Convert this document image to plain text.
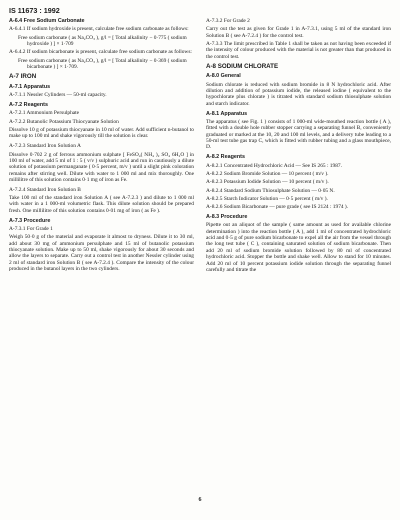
IS 11673 : 1992

A-6.4 Free Sodium Carbonate

A-6.4.1 If sodium hydroxide is present, calculate free sodium carbonate as follows:

Free sodium carbonate ( as Na₂CO₃ ), g/l = [ Total alkalinity − 0·775 ( sodium hydroxide ) ] × 1·709

A-6.4.2 If sodium bicarbonate is present, calculate free sodium carbonate as follows:

Free sodium carbonate ( as Na₂CO₃ ), g/l = [ Total alkalinity − 0·369 ( sodium bicarbonate ) ] × 1·709.

A-7 IRON

A-7.1 Apparatus

A-7.1.1 Nessler Cylinders — 50-ml capacity.

A-7.2 Reagents

A-7.2.1 Ammonium Persulphate

A-7.2.2 Butanolic Potassium Thiocyanate Solution

Dissolve 10 g of potassium thiocyanate in 10 ml of water. Add sufficient n-butanol to make up to 100 ml and shake vigorously till the solution is clear.

A-7.2.3 Standard Iron Solution A

Dissolve 0·702 2 g of ferrous ammonium sulphate [ FeSO₄( NH₄ )₂ SO₄ 6H₂O ] in 100 ml of water, add 5 ml of 1 : 5 ( v/v ) sulphuric acid and run in cautiously a dilute solution of potassium permanganate ( 0·5 percent, m/v ) until a slight pink coloration remains after stirring well. Dilute with water to 1 000 ml and mix thoroughly. One millilitre of this solution contains 0·1 mg of iron as Fe.

A-7.2.4 Standard Iron Solution B

Take 100 ml of the standard iron Solution A ( see A-7.2.3 ) and dilute to 1 000 ml with water in a 1 000-ml volumetric flask. This dilute solution should be prepared fresh. One millilitre of this solution contains 0·01 mg of iron ( as Fe ).

A-7.3 Procedure

A-7.3.1 For Grade 1

Weigh 50·0 g of the material and evaporate it almost to dryness. Dilute it to 30 ml, add about 30 mg of ammonium persulphate and 15 ml of butanolic potassium thiocyanate solution. Make up to 50 ml, shake vigorously for about 30 seconds and allow the layers to separate. Carry out a control test in another Nessler cylinder using 2 ml of standard iron Solution B ( see A-7.2.4 ). Compare the intensity of the colour produced in the butanol layers in the two cylinders.

A-7.3.2 For Grade 2

Carry out the test as given for Grade 1 in A-7.3.1, using 5 ml of the standard iron Solution B ( see A-7.2.4 ) for the control test.

A-7.3.3 The limit prescribed in Table 1 shall be taken as not having been exceeded if the intensity of colour produced with the material is not greater than that produced in the control test.

A-8 SODIUM CHLORATE

A-8.0 General

Sodium chlorate is reduced with sodium bromide in 8 N hydrochloric acid. After dilution and addition of potassium iodide, the released iodine ( equivalent to the hypochlorate plus chlorate ) is titrated with standard sodium thiosulphate solution and starch indicator.

A-8.1 Apparatus

The apparatus ( see Fig. 1 ) consists of 1 000-ml wide-mouthed reaction bottle ( A ), fitted with a double hole rubber stopper carrying a separating funnel B, conveniently graduated or marked at the 10, 20 and 100 ml levels, and a delivery tube leading to a 50-ml test tube gas trap C, which is fitted with rubber tubing and a glass mouthpiece, D.

A-8.2 Reagents

A-8.2.1 Concentrated Hydrochloric Acid — See IS 265 : 1987.

A-8.2.2 Sodium Bromide Solution — 10 percent ( m/v ).

A-8.2.3 Potassium Iodide Solution — 10 percent ( m/v ).

A-8.2.4 Standard Sodium Thiosulphate Solution — 0·05 N.

A-8.2.5 Starch Indicator Solution — 0·5 percent ( m/v ).

A-8.2.6 Sodium Bicarbonate — pure grade ( see IS 2124 : 1974 ).

A-8.3 Procedure

Pipette out an aliquot of the sample ( same amount as used for available chlorine determination ) into the reaction bottle ( A ), add 1 ml of concentrated hydrochloric acid and 0·5 g of pure sodium bicarbonate to expel all the air from the vessel through the long test tube ( C ), containing saturated solution of sodium bicarbonate. Then add 20 ml of sodium bromide solution followed by 80 ml of concentrated hydrochloric acid. Stopper the bottle and shake well. Allow to stand for 10 minutes. Add 20 ml of 10 percent potassium iodide solution through the separating funnel carefully and titrate the

6
